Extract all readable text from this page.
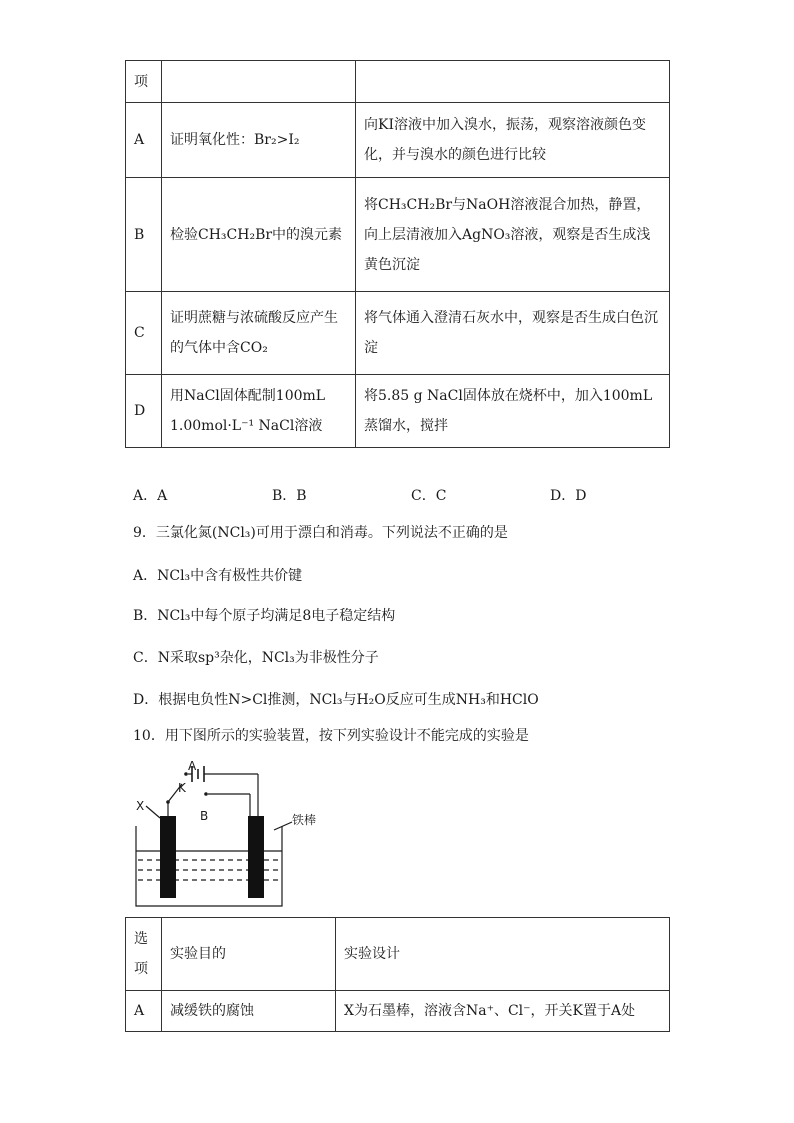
项		
A	证明氧化性：Br₂>I₂	向KI溶液中加入溴水，振荡，观察溶液颜色变化，并与溴水的颜色进行比较
B	检验CH₃CH₂Br中的溴元素	将CH₃CH₂Br与NaOH溶液混合加热，静置，向上层清液加入AgNO₃溶液，观察是否生成浅黄色沉淀
C	证明蔗糖与浓硫酸反应产生的气体中含CO₂	将气体通入澄清石灰水中，观察是否生成白色沉淀
D	用NaCl固体配制100mL 1.00mol·L⁻¹ NaCl溶液	将5.85 g NaCl固体放在烧杯中，加入100mL蒸馏水，搅拌
A．A	B．B	C．C	D．D
9．三氯化氮(NCl₃)可用于漂白和消毒。下列说法不正确的是
A．NCl₃中含有极性共价键
B．NCl₃中每个原子均满足8电子稳定结构
C．N采取sp³杂化，NCl₃为非极性分子
D．根据电负性N>Cl推测，NCl₃与H₂O反应可生成NH₃和HClO
10．用下图所示的实验装置，按下列实验设计不能完成的实验是
A
K
X
B	铁棒
选项	实验目的	实验设计
A	减缓铁的腐蚀	X为石墨棒，溶液含Na⁺、Cl⁻，开关K置于A处
